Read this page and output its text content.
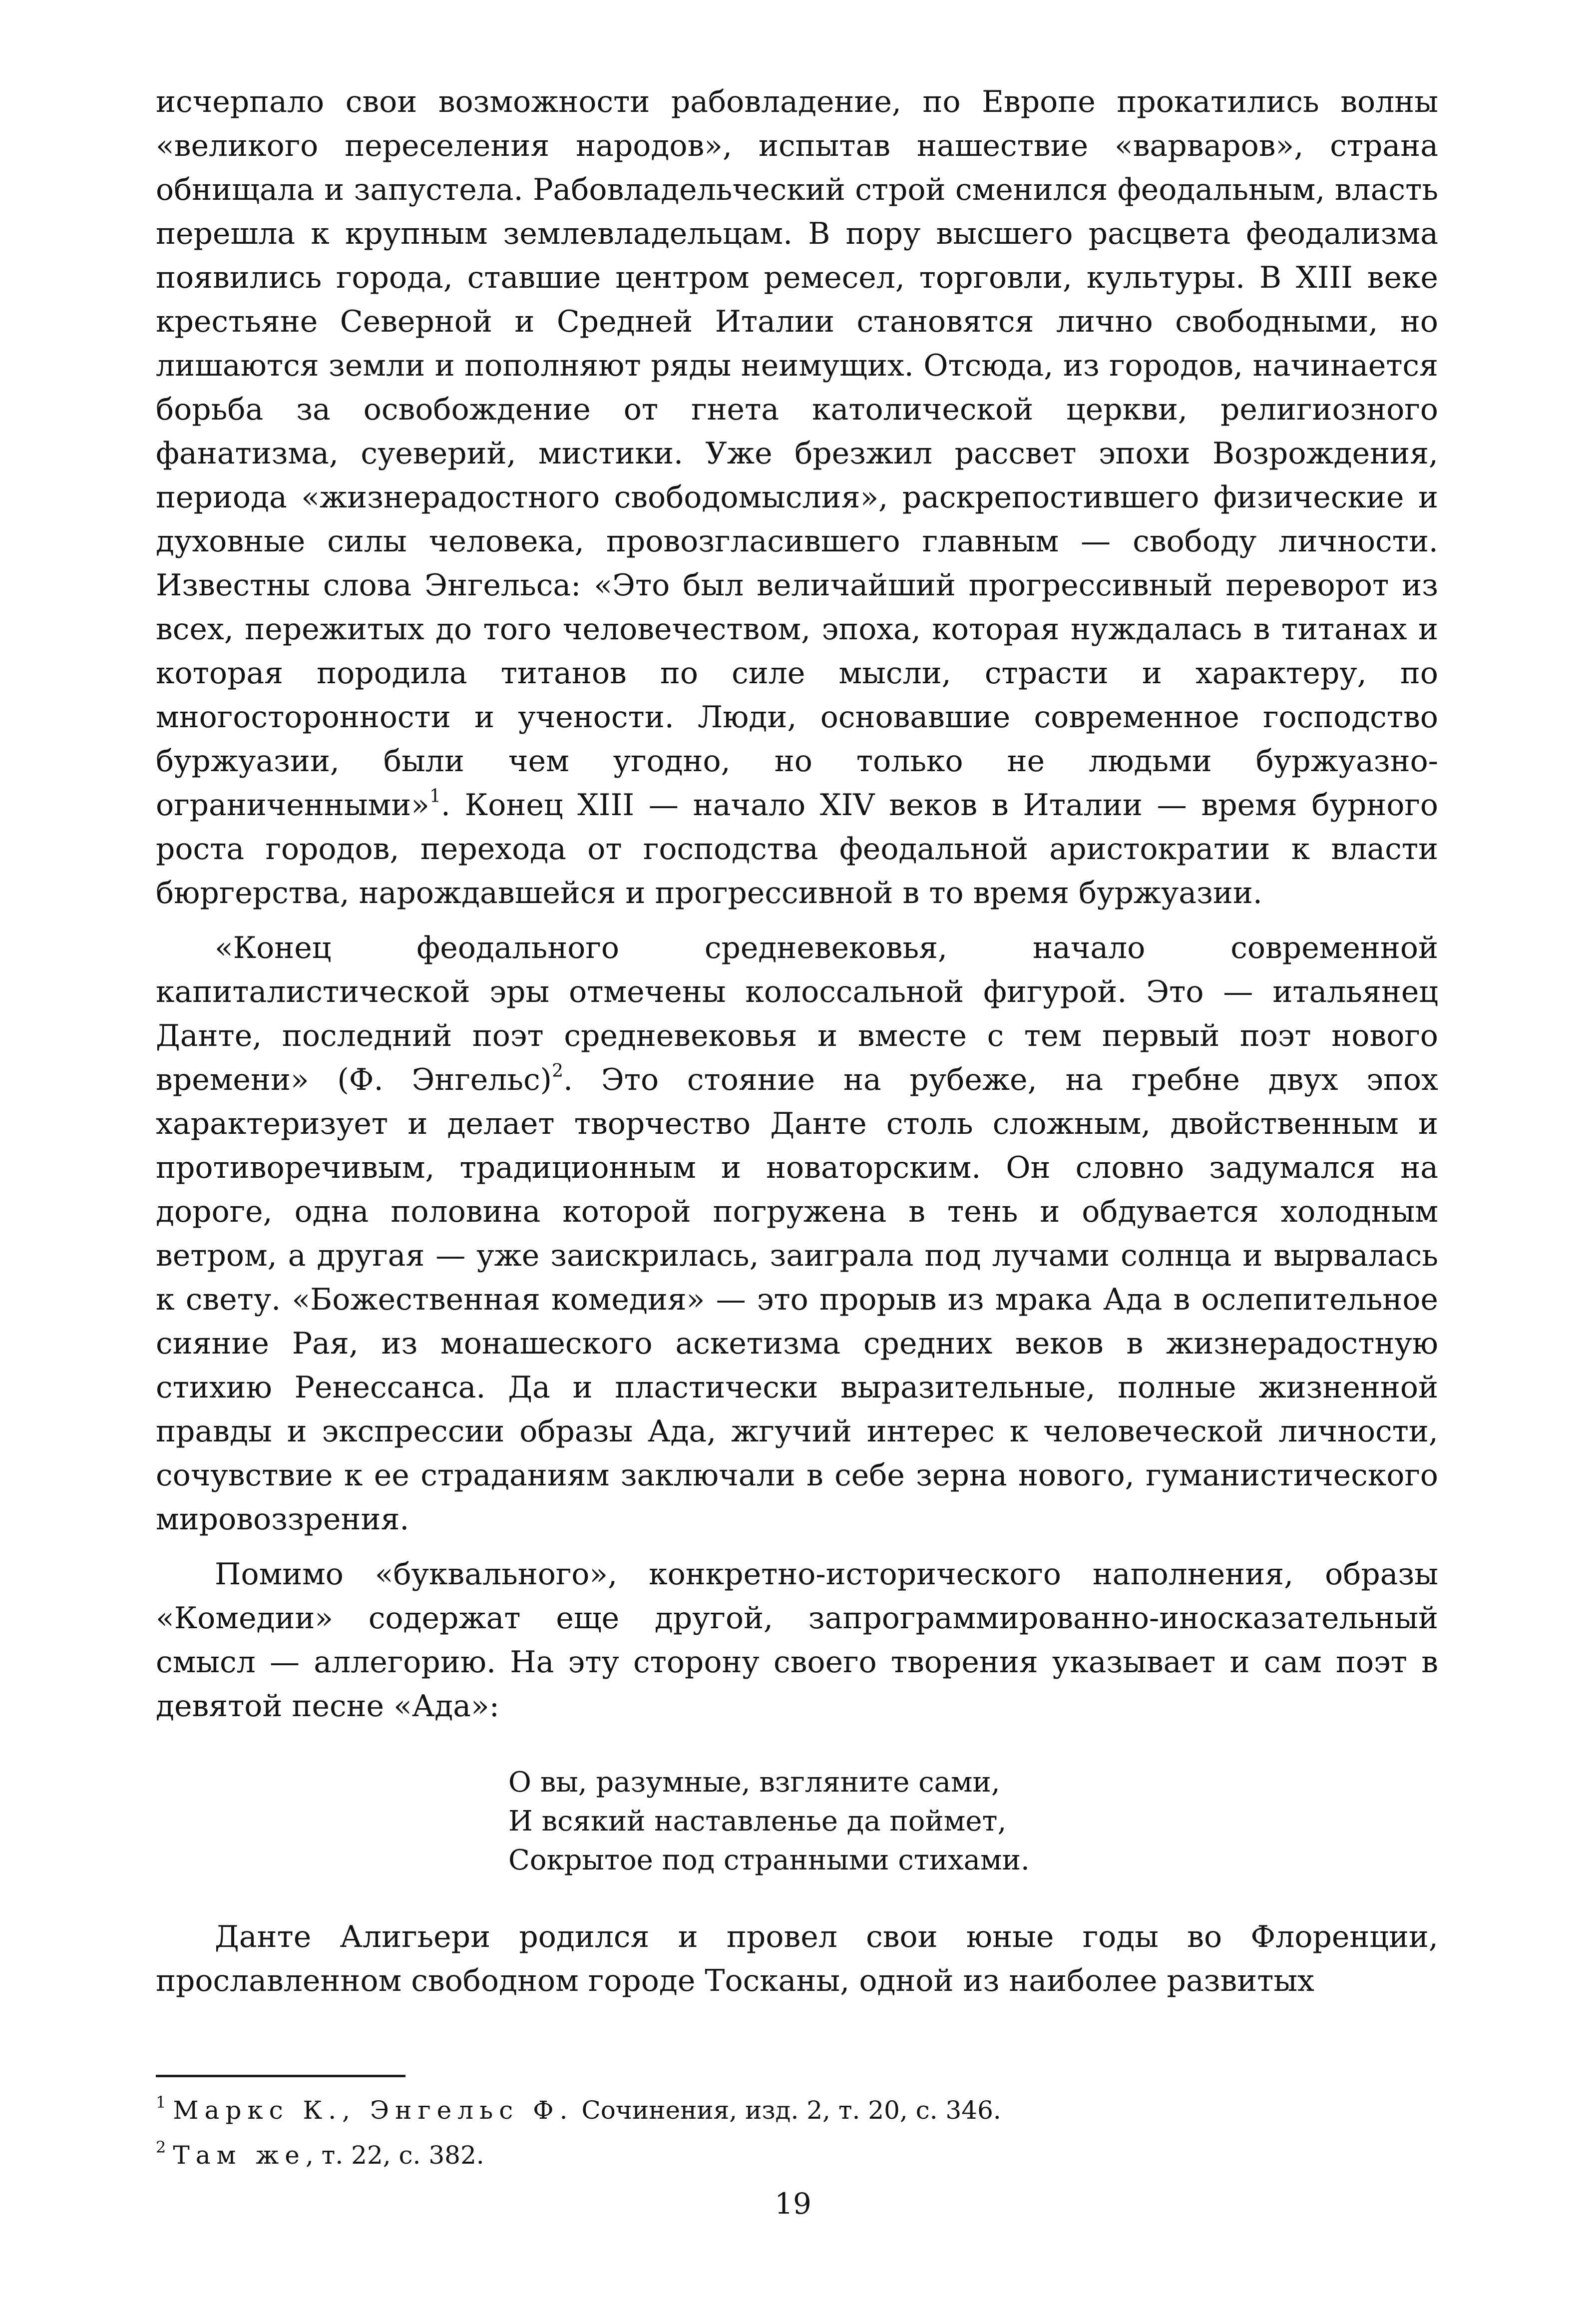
исчерпало свои возможности рабовладение, по Европе прокатились волны «великого переселения народов», испытав нашествие «варваров», страна обнищала и запустела. Рабовладельческий строй сменился феодальным, власть перешла к крупным землевладельцам. В пору высшего расцвета феодализма появились города, ставшие центром ремесел, торговли, культуры. В XIII веке крестьяне Северной и Средней Италии становятся лично свободными, но лишаются земли и пополняют ряды неимущих. Отсюда, из городов, начинается борьба за освобождение от гнета католической церкви, религиозного фанатизма, суеверий, мистики. Уже брезжил рассвет эпохи Возрождения, периода «жизнерадостного свободомыслия», раскрепостившего физические и духовные силы человека, провозгласившего главным — свободу личности. Известны слова Энгельса: «Это был величайший прогрессивный переворот из всех, пережитых до того человечеством, эпоха, которая нуждалась в титанах и которая породила титанов по силе мысли, страсти и характеру, по многосторонности и учености. Люди, основавшие современное господство буржуазии, были чем угодно, но только не людьми буржуазно-ограниченными»$^1$. Конец XIII — начало XIV веков в Италии — время бурного роста городов, перехода от господства феодальной аристократии к власти бюргерства, нарождавшейся и прогрессивной в то время буржуазии.

«Конец феодального средневековья, начало современной капиталистической эры отмечены колоссальной фигурой. Это — итальянец Данте, последний поэт средневековья и вместе с тем первый поэт нового времени» (Ф. Энгельс)$^2$. Это стояние на рубеже, на гребне двух эпох характеризует и делает творчество Данте столь сложным, двойственным и противоречивым, традиционным и новаторским. Он словно задумался на дороге, одна половина которой погружена в тень и обдувается холодным ветром, а другая — уже заискрилась, заиграла под лучами солнца и вырвалась к свету. «Божественная комедия» — это прорыв из мрака Ада в ослепительное сияние Рая, из монашеского аскетизма средних веков в жизнерадостную стихию Ренессанса. Да и пластически выразительные, полные жизненной правды и экспрессии образы Ада, жгучий интерес к человеческой личности, сочувствие к ее страданиям заключали в себе зерна нового, гуманистического мировоззрения.

Помимо «буквального», конкретно-исторического наполнения, образы «Комедии» содержат еще другой, запрограммированно-иносказательный смысл — аллегорию. На эту сторону своего творения указывает и сам поэт в девятой песне «Ада»:

О вы, разумные, взгляните сами,
И всякий наставленье да поймет,
Сокрытое под странными стихами.

Данте Алигьери родился и провел свои юные годы во Флоренции, прославленном свободном городе Тосканы, одной из наиболее развитых

$^1$ Маркс К., Энгельс Ф. Сочинения, изд. 2, т. 20, с. 346.
$^2$ Там же, т. 22, с. 382.
19
